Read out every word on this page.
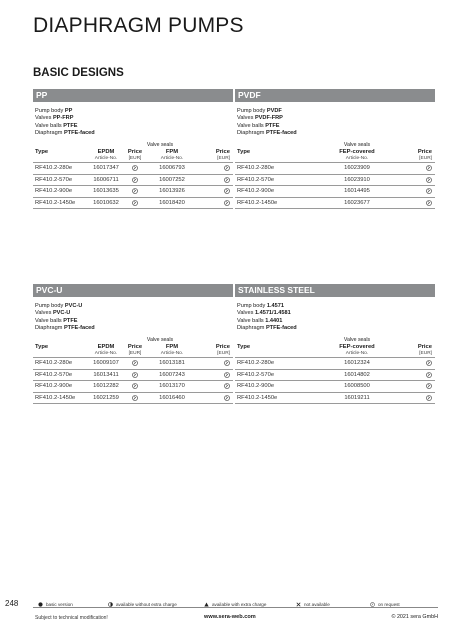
DIAPHRAGM PUMPS
BASIC DESIGNS
PP
Pump body PP
Valves PP-FRP
Valve balls PTFE
Diaphragm PTFE-faced
		Valve seals		
Type	EPDM	Price	FPM	Price
	Article-No.	[EUR]	Article-No.	[EUR]
RF410.2-280e	16017347		16006793	
RF410.2-570e	16006711		16007252	
RF410.2-900e	16013635		16013926	
RF410.2-1450e	16010632		16018420	
PVDF
Pump body PVDF
Valves PVDF-FRP
Valve balls PTFE
Diaphragm PTFE-faced
	Valve seals	
Type	FEP-covered	Price
	Article-No.	[EUR]
RF410.2-280e	16023909	
RF410.2-570e	16023910	
RF410.2-900e	16014495	
RF410.2-1450e	16023677	
PVC-U
Pump body PVC-U
Valves PVC-U
Valve balls PTFE
Diaphragm PTFE-faced
		Valve seals		
Type	EPDM	Price	FPM	Price
	Article-No.	[EUR]	Article-No.	[EUR]
RF410.2-280e	16009107		16013181	
RF410.2-570e	16013411		16007243	
RF410.2-900e	16012282		16013170	
RF410.2-1450e	16021259		16016460	
STAINLESS STEEL
Pump body 1.4571
Valves 1.4571/1.4581
Valve balls 1.4401
Diaphragm PTFE-faced
	Valve seals	
Type	FEP-covered	Price
	Article-No.	[EUR]
RF410.2-280e	16012324	
RF410.2-570e	16014802	
RF410.2-900e	16008500	
RF410.2-1450e	16019211	
248	basic version	available without extra charge	available with extra charge	not available	on request
Subject to technical modification!	www.sera-web.com	© 2021 sera GmbH
